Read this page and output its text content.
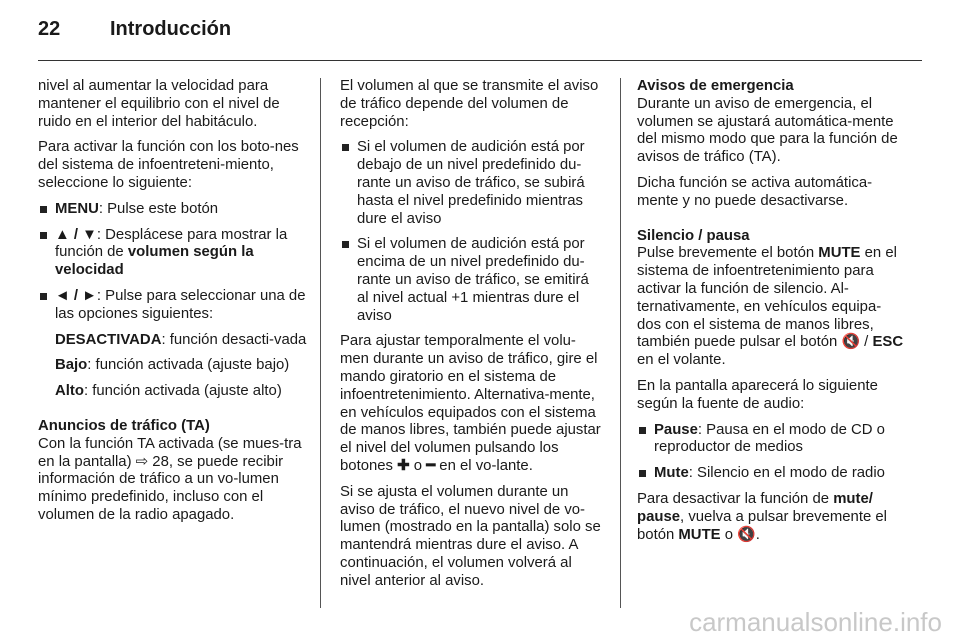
22 Introducción

nivel al aumentar la velocidad para mantener el equilibrio con el nivel de ruido en el interior del habitáculo.

Para activar la función con los boto-nes del sistema de infoentreteni-miento, seleccione lo siguiente:

MENU: Pulse este botón
▲ / ▼: Desplácese para mostrar la función de volumen según la velocidad
◄ / ►: Pulse para seleccionar una de las opciones siguientes:
DESACTIVADA: función desacti-vada
Bajo: función activada (ajuste bajo)
Alto: función activada (ajuste alto)

Anuncios de tráfico (TA)

Con la función TA activada (se mues-tra en la pantalla) ⇨ 28, se puede recibir información de tráfico a un vo-lumen mínimo predefinido, incluso con el volumen de la radio apagado.

El volumen al que se transmite el aviso de tráfico depende del volumen de recepción:

Si el volumen de audición está por debajo de un nivel predefinido du-rante un aviso de tráfico, se subirá hasta el nivel predefinido mientras dure el aviso
Si el volumen de audición está por encima de un nivel predefinido du-rante un aviso de tráfico, se emitirá al nivel actual +1 mientras dure el aviso

Para ajustar temporalmente el volu-men durante un aviso de tráfico, gire el mando giratorio en el sistema de infoentretenimiento. Alternativa-mente, en vehículos equipados con el sistema de manos libres, también puede ajustar el nivel del volumen pulsando los botones ✚ o ━ en el vo-lante.

Si se ajusta el volumen durante un aviso de tráfico, el nuevo nivel de vo-lumen (mostrado en la pantalla) solo se mantendrá mientras dure el aviso. A continuación, el volumen volverá al nivel anterior al aviso.

Avisos de emergencia

Durante un aviso de emergencia, el volumen se ajustará automática-mente del mismo modo que para la función de avisos de tráfico (TA).

Dicha función se activa automática-mente y no puede desactivarse.

Silencio / pausa

Pulse brevemente el botón MUTE en el sistema de infoentretenimiento para activar la función de silencio. Al-ternativamente, en vehículos equipa-dos con el sistema de manos libres, también puede pulsar el botón 🔇 / ESC en el volante.

En la pantalla aparecerá lo siguiente según la fuente de audio:

Pause: Pausa en el modo de CD o reproductor de medios
Mute: Silencio en el modo de radio

Para desactivar la función de mute/ pause, vuelva a pulsar brevemente el botón MUTE o 🔇.

carmanualsonline.info
